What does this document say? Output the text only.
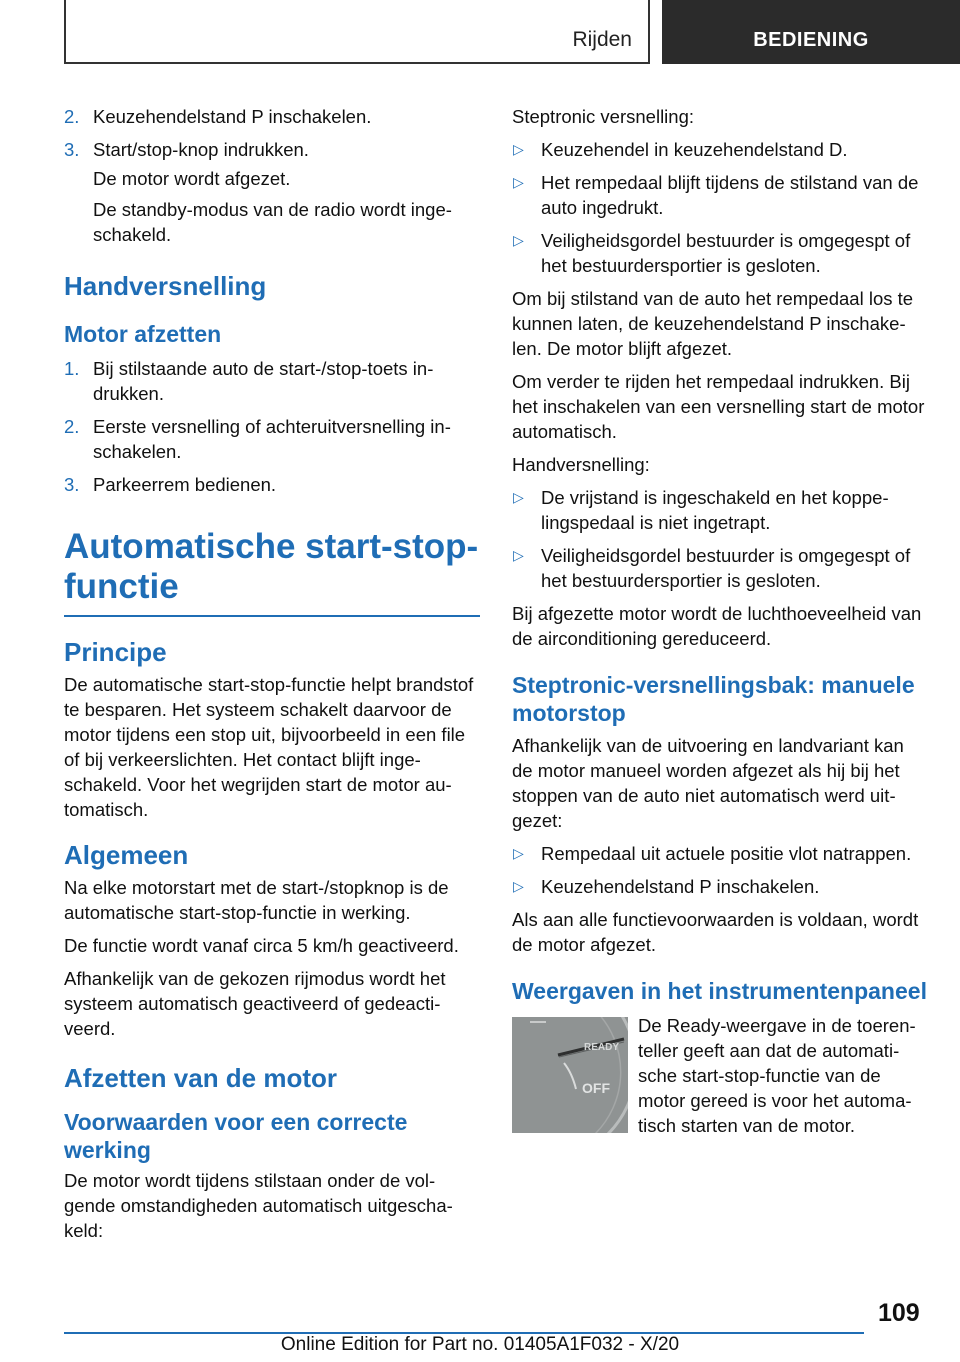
Rijden	BEDIENING
2. Keuzehendelstand P inschakelen.
3. Start/stop-knop indrukken.

De motor wordt afgezet.

De standby-modus van de radio wordt ingeschakeld.

Handversnelling
Motor afzetten
1. Bij stilstaande auto de start-/stop-toets indrukken.
2. Eerste versnelling of achteruitversnelling inschakelen.
3. Parkeerrem bedienen.
Automatische start-stop-functie
Principe

De automatische start-stop-functie helpt brandstof te besparen. Het systeem schakelt daarvoor de motor tijdens een stop uit, bijvoorbeeld in een file of bij verkeerslichten. Het contact blijft ingeschakeld. Voor het wegrijden start de motor automatisch.

Algemeen

Na elke motorstart met de start-/stopknop is de automatische start-stop-functie in werking.

De functie wordt vanaf circa 5 km/h geactiveerd.

Afhankelijk van de gekozen rijmodus wordt het systeem automatisch geactiveerd of gedeactiveerd.

Afzetten van de motor
Voorwaarden voor een correcte werking

De motor wordt tijdens stilstaan onder de volgende omstandigheden automatisch uitgeschakeld:

Steptronic versnelling:

▷ Keuzehendel in keuzehendelstand D.
▷ Het rempedaal blijft tijdens de stilstand van de auto ingedrukt.
▷ Veiligheidsgordel bestuurder is omgegespt of het bestuurdersportier is gesloten.

Om bij stilstand van de auto het rempedaal los te kunnen laten, de keuzehendelstand P inschakelen. De motor blijft afgezet.

Om verder te rijden het rempedaal indrukken. Bij het inschakelen van een versnelling start de motor automatisch.

Handversnelling:

▷ De vrijstand is ingeschakeld en het koppelingspedaal is niet ingetrapt.
▷ Veiligheidsgordel bestuurder is omgegespt of het bestuurdersportier is gesloten.

Bij afgezette motor wordt de luchthoeveelheid van de airconditioning gereduceerd.

Steptronic-versnellingsbak: manuele motorstop

Afhankelijk van de uitvoering en landvariant kan de motor manueel worden afgezet als hij bij het stoppen van de auto niet automatisch werd uitgezet:

▷ Rempedaal uit actuele positie vlot natrappen.
▷ Keuzehendelstand P inschakelen.

Als aan alle functievoorwaarden is voldaan, wordt de motor afgezet.

Weergaven in het instrumentenpaneel
READY
OFF

De Ready-weergave in de toerenteller geeft aan dat de automatische start-stop-functie van de motor gereed is voor het automatisch starten van de motor.

109
Online Edition for Part no. 01405A1F032 - X/20
